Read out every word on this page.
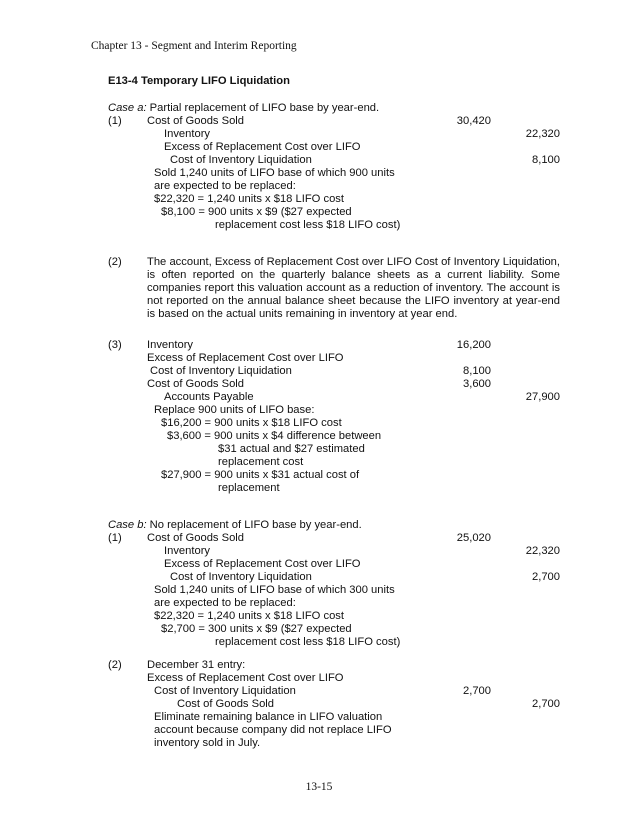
Chapter 13 - Segment and Interim Reporting
E13-4 Temporary LIFO Liquidation
Case a: Partial replacement of LIFO base by year-end.
(1) Cost of Goods Sold	30,420
Inventory	22,320
Excess of Replacement Cost over LIFO
Cost of Inventory Liquidation	8,100
Sold 1,240 units of LIFO base of which 900 units
are expected to be replaced:
$22,320 = 1,240 units x $18 LIFO cost
$8,100 = 900 units x $9 ($27 expected
replacement cost less $18 LIFO cost)
(2) The account, Excess of Replacement Cost over LIFO Cost of Inventory Liquidation, is often reported on the quarterly balance sheets as a current liability. Some companies report this valuation account as a reduction of inventory. The account is not reported on the annual balance sheet because the LIFO inventory at year-end is based on the actual units remaining in inventory at year end.
(3) Inventory	16,200
Excess of Replacement Cost over LIFO
Cost of Inventory Liquidation	8,100
Cost of Goods Sold	3,600
Accounts Payable	27,900
Replace 900 units of LIFO base:
$16,200 = 900 units x $18 LIFO cost
$3,600 = 900 units x $4 difference between
$31 actual and $27 estimated
replacement cost
$27,900 = 900 units x $31 actual cost of
replacement
Case b: No replacement of LIFO base by year-end.
(1) Cost of Goods Sold	25,020
Inventory	22,320
Excess of Replacement Cost over LIFO
Cost of Inventory Liquidation	2,700
Sold 1,240 units of LIFO base of which 300 units
are expected to be replaced:
$22,320 = 1,240 units x $18 LIFO cost
$2,700 = 300 units x $9 ($27 expected
replacement cost less $18 LIFO cost)
(2) December 31 entry:
Excess of Replacement Cost over LIFO
Cost of Inventory Liquidation	2,700
Cost of Goods Sold	2,700
Eliminate remaining balance in LIFO valuation
account because company did not replace LIFO
inventory sold in July.
13-15
